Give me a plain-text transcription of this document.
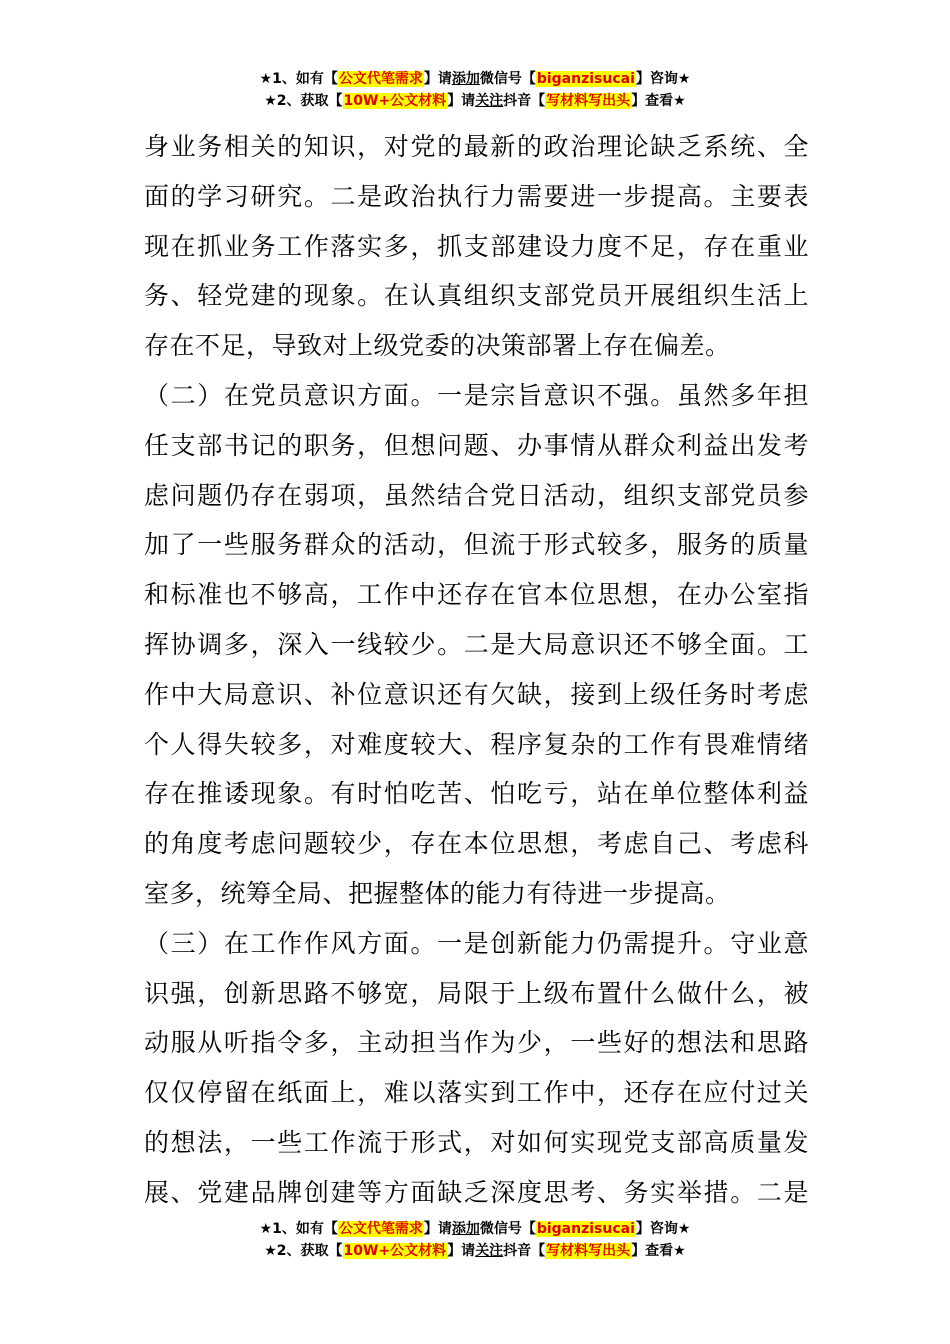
★1、如有【公文代笔需求】请添加微信号【biganzisucai】咨询★
★2、获取【10W+公文材料】请关注抖音【写材料写出头】查看★
身业务相关的知识，对党的最新的政治理论缺乏系统、全
面的学习研究。二是政治执行力需要进一步提高。主要表
现在抓业务工作落实多，抓支部建设力度不足，存在重业
务、轻党建的现象。在认真组织支部党员开展组织生活上
存在不足，导致对上级党委的决策部署上存在偏差。
（二）在党员意识方面。一是宗旨意识不强。虽然多年担
任支部书记的职务，但想问题、办事情从群众利益出发考
虑问题仍存在弱项，虽然结合党日活动，组织支部党员参
加了一些服务群众的活动，但流于形式较多，服务的质量
和标准也不够高，工作中还存在官本位思想，在办公室指
挥协调多，深入一线较少。二是大局意识还不够全面。工
作中大局意识、补位意识还有欠缺，接到上级任务时考虑
个人得失较多，对难度较大、程序复杂的工作有畏难情绪
存在推诿现象。有时怕吃苦、怕吃亏，站在单位整体利益
的角度考虑问题较少，存在本位思想，考虑自己、考虑科
室多，统筹全局、把握整体的能力有待进一步提高。
（三）在工作作风方面。一是创新能力仍需提升。守业意
识强，创新思路不够宽，局限于上级布置什么做什么，被
动服从听指令多，主动担当作为少，一些好的想法和思路
仅仅停留在纸面上，难以落实到工作中，还存在应付过关
的想法，一些工作流于形式，对如何实现党支部高质量发
展、党建品牌创建等方面缺乏深度思考、务实举措。二是
★1、如有【公文代笔需求】请添加微信号【biganzisucai】咨询★
★2、获取【10W+公文材料】请关注抖音【写材料写出头】查看★
